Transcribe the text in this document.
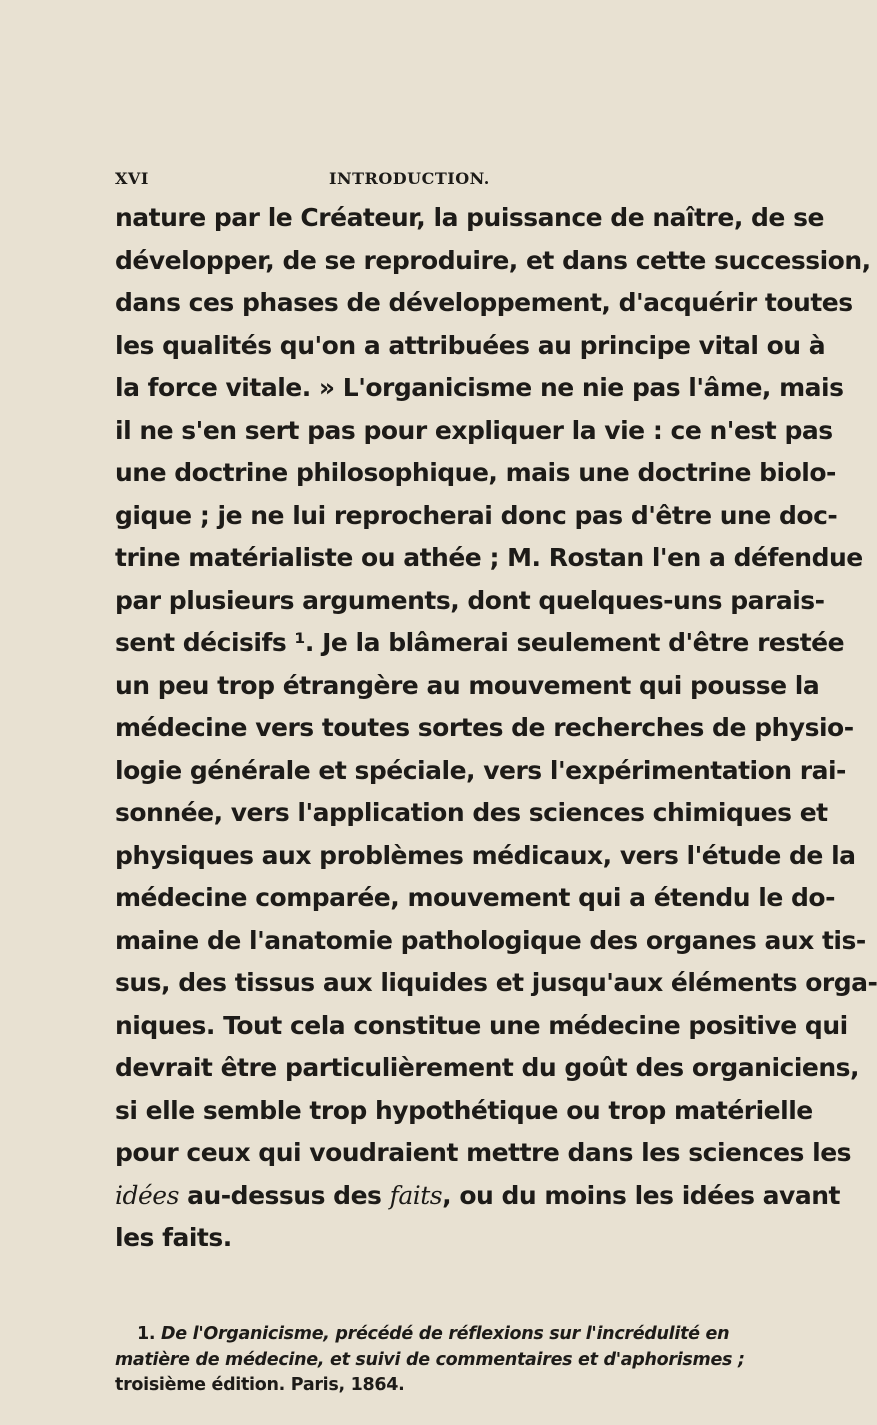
XVI	INTRODUCTION.
nature par le Créateur, la puissance de naître, de se
développer, de se reproduire, et dans cette succession,
dans ces phases de développement, d'acquérir toutes
les qualités qu'on a attribuées au principe vital ou à
la force vitale. » L'organicisme ne nie pas l'âme, mais
il ne s'en sert pas pour expliquer la vie : ce n'est pas
une doctrine philosophique, mais une doctrine biolo-
gique ; je ne lui reprocherai donc pas d'être une doc-
trine matérialiste ou athée ; M. Rostan l'en a défendue
par plusieurs arguments, dont quelques-uns parais-
sent décisifs ¹. Je la blâmerai seulement d'être restée
un peu trop étrangère au mouvement qui pousse la
médecine vers toutes sortes de recherches de physio-
logie générale et spéciale, vers l'expérimentation rai-
sonnée, vers l'application des sciences chimiques et
physiques aux problèmes médicaux, vers l'étude de la
médecine comparée, mouvement qui a étendu le do-
maine de l'anatomie pathologique des organes aux tis-
sus, des tissus aux liquides et jusqu'aux éléments orga-
niques. Tout cela constitue une médecine positive qui
devrait être particulièrement du goût des organiciens,
si elle semble trop hypothétique ou trop matérielle
pour ceux qui voudraient mettre dans les sciences les
idées au-dessus des faits, ou du moins les idées avant
les faits.
1. De l'Organicisme, précédé de réflexions sur l'incrédulité en
matière de médecine, et suivi de commentaires et d'aphorismes ;
troisième édition. Paris, 1864.
